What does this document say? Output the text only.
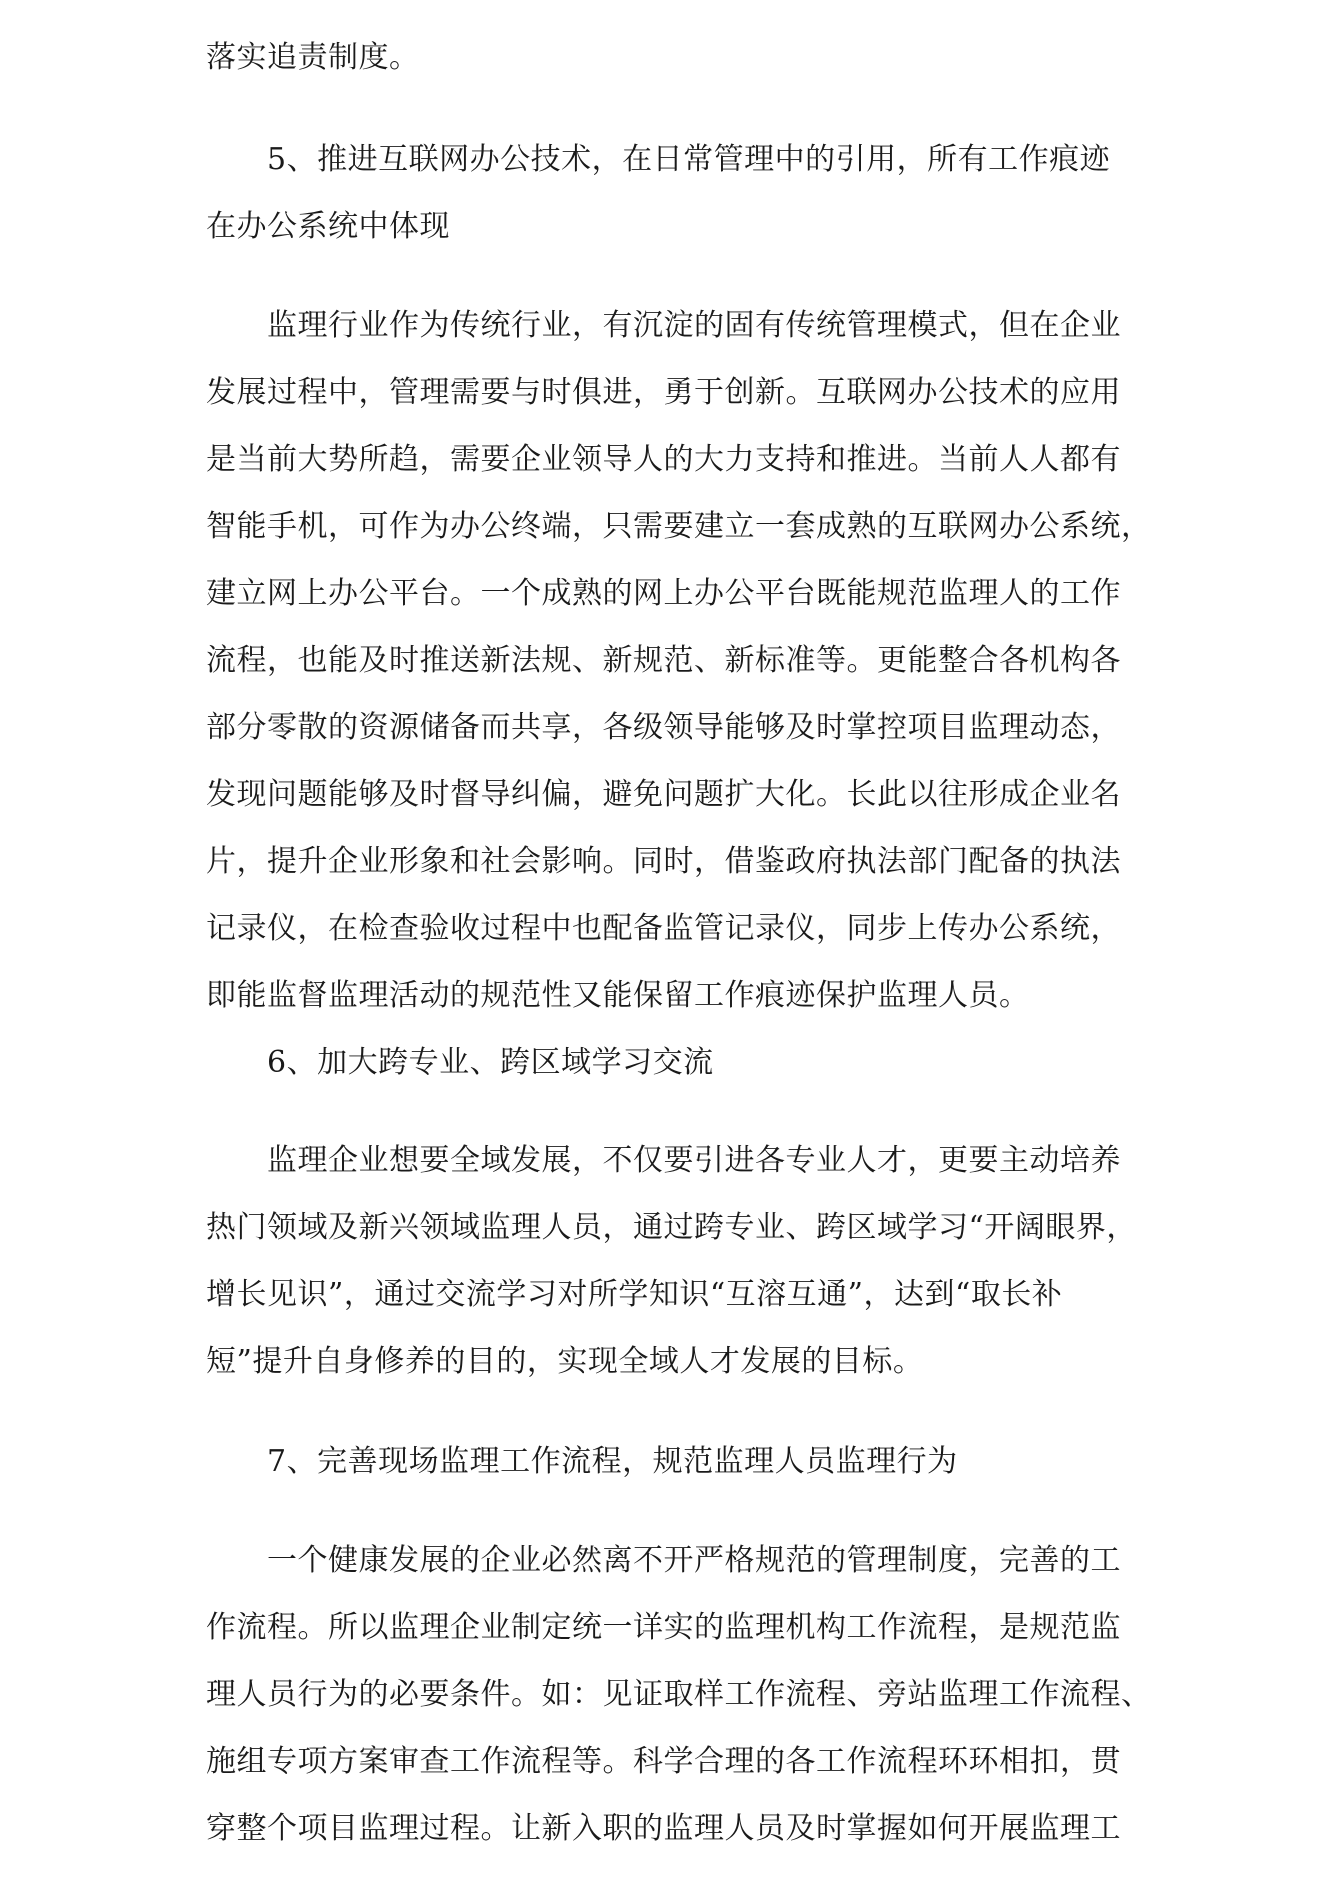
落实追责制度。
5、推进互联网办公技术，在日常管理中的引用，所有工作痕迹
在办公系统中体现
监理行业作为传统行业，有沉淀的固有传统管理模式，但在企业
发展过程中，管理需要与时俱进，勇于创新。互联网办公技术的应用
是当前大势所趋，需要企业领导人的大力支持和推进。当前人人都有
智能手机，可作为办公终端，只需要建立一套成熟的互联网办公系统，
建立网上办公平台。一个成熟的网上办公平台既能规范监理人的工作
流程，也能及时推送新法规、新规范、新标准等。更能整合各机构各
部分零散的资源储备而共享，各级领导能够及时掌控项目监理动态，
发现问题能够及时督导纠偏，避免问题扩大化。长此以往形成企业名
片，提升企业形象和社会影响。同时，借鉴政府执法部门配备的执法
记录仪，在检查验收过程中也配备监管记录仪，同步上传办公系统，
即能监督监理活动的规范性又能保留工作痕迹保护监理人员。
6、加大跨专业、跨区域学习交流
监理企业想要全域发展，不仅要引进各专业人才，更要主动培养
热门领域及新兴领域监理人员，通过跨专业、跨区域学习“开阔眼界，
增长见识”，通过交流学习对所学知识“互溶互通”，达到“取长补
短”提升自身修养的目的，实现全域人才发展的目标。
7、完善现场监理工作流程，规范监理人员监理行为
一个健康发展的企业必然离不开严格规范的管理制度，完善的工
作流程。所以监理企业制定统一详实的监理机构工作流程，是规范监
理人员行为的必要条件。如：见证取样工作流程、旁站监理工作流程、
施组专项方案审查工作流程等。科学合理的各工作流程环环相扣，贯
穿整个项目监理过程。让新入职的监理人员及时掌握如何开展监理工
